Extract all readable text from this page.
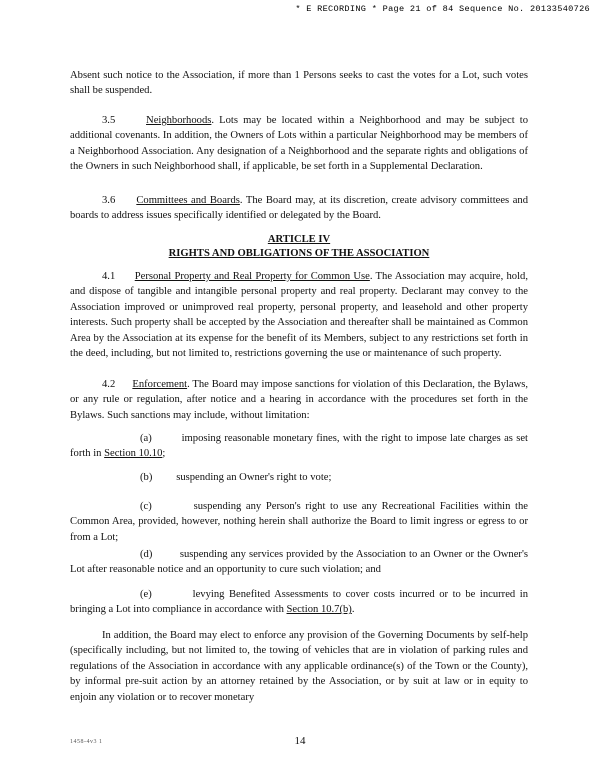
* E RECORDING * Page 21 of 84 Sequence No. 20133540726

Absent such notice to the Association, if more than 1 Persons seeks to cast the votes for a Lot, such votes shall be suspended.

3.5	Neighborhoods. Lots may be located within a Neighborhood and may be subject to additional covenants. In addition, the Owners of Lots within a particular Neighborhood may be members of a Neighborhood Association. Any designation of a Neighborhood and the separate rights and obligations of the Owners in such Neighborhood shall, if applicable, be set forth in a Supplemental Declaration.

3.6 Committees and Boards. The Board may, at its discretion, create advisory committees and boards to address issues specifically identified or delegated by the Board.

ARTICLE IV

RIGHTS AND OBLIGATIONS OF THE ASSOCIATION

4.1 Personal Property and Real Property for Common Use. The Association may acquire, hold, and dispose of tangible and intangible personal property and real property. Declarant may convey to the Association improved or unimproved real property, personal property, and leasehold and other property interests. Such property shall be accepted by the Association and thereafter shall be maintained as Common Area by the Association at its expense for the benefit of its Members, subject to any restrictions set forth in the deed, including, but not limited to, restrictions governing the use or maintenance of such property.

4.2 Enforcement. The Board may impose sanctions for violation of this Declaration, the Bylaws, or any rule or regulation, after notice and a hearing in accordance with the procedures set forth in the Bylaws. Such sanctions may include, without limitation:

(a)	imposing reasonable monetary fines, with the right to impose late charges as set forth in Section 10.10;

(b) suspending an Owner's right to vote;

(c)	suspending any Person's right to use any Recreational Facilities within the Common Area, provided, however, nothing herein shall authorize the Board to limit ingress or egress to or from a Lot;

(d)	suspending any services provided by the Association to an Owner or the Owner's Lot after reasonable notice and an opportunity to cure such violation; and

(e)	levying Benefited Assessments to cover costs incurred or to be incurred in bringing a Lot into compliance in accordance with Section 10.7(b).

In addition, the Board may elect to enforce any provision of the Governing Documents by self-help (specifically including, but not limited to, the towing of vehicles that are in violation of parking rules and regulations of the Association in accordance with any applicable ordinance(s) of the Town or the County), by informal pre-suit action by an attorney retained by the Association, or by suit at law or in equity to enjoin any violation or to recover monetary

1458-4v3 1	14
